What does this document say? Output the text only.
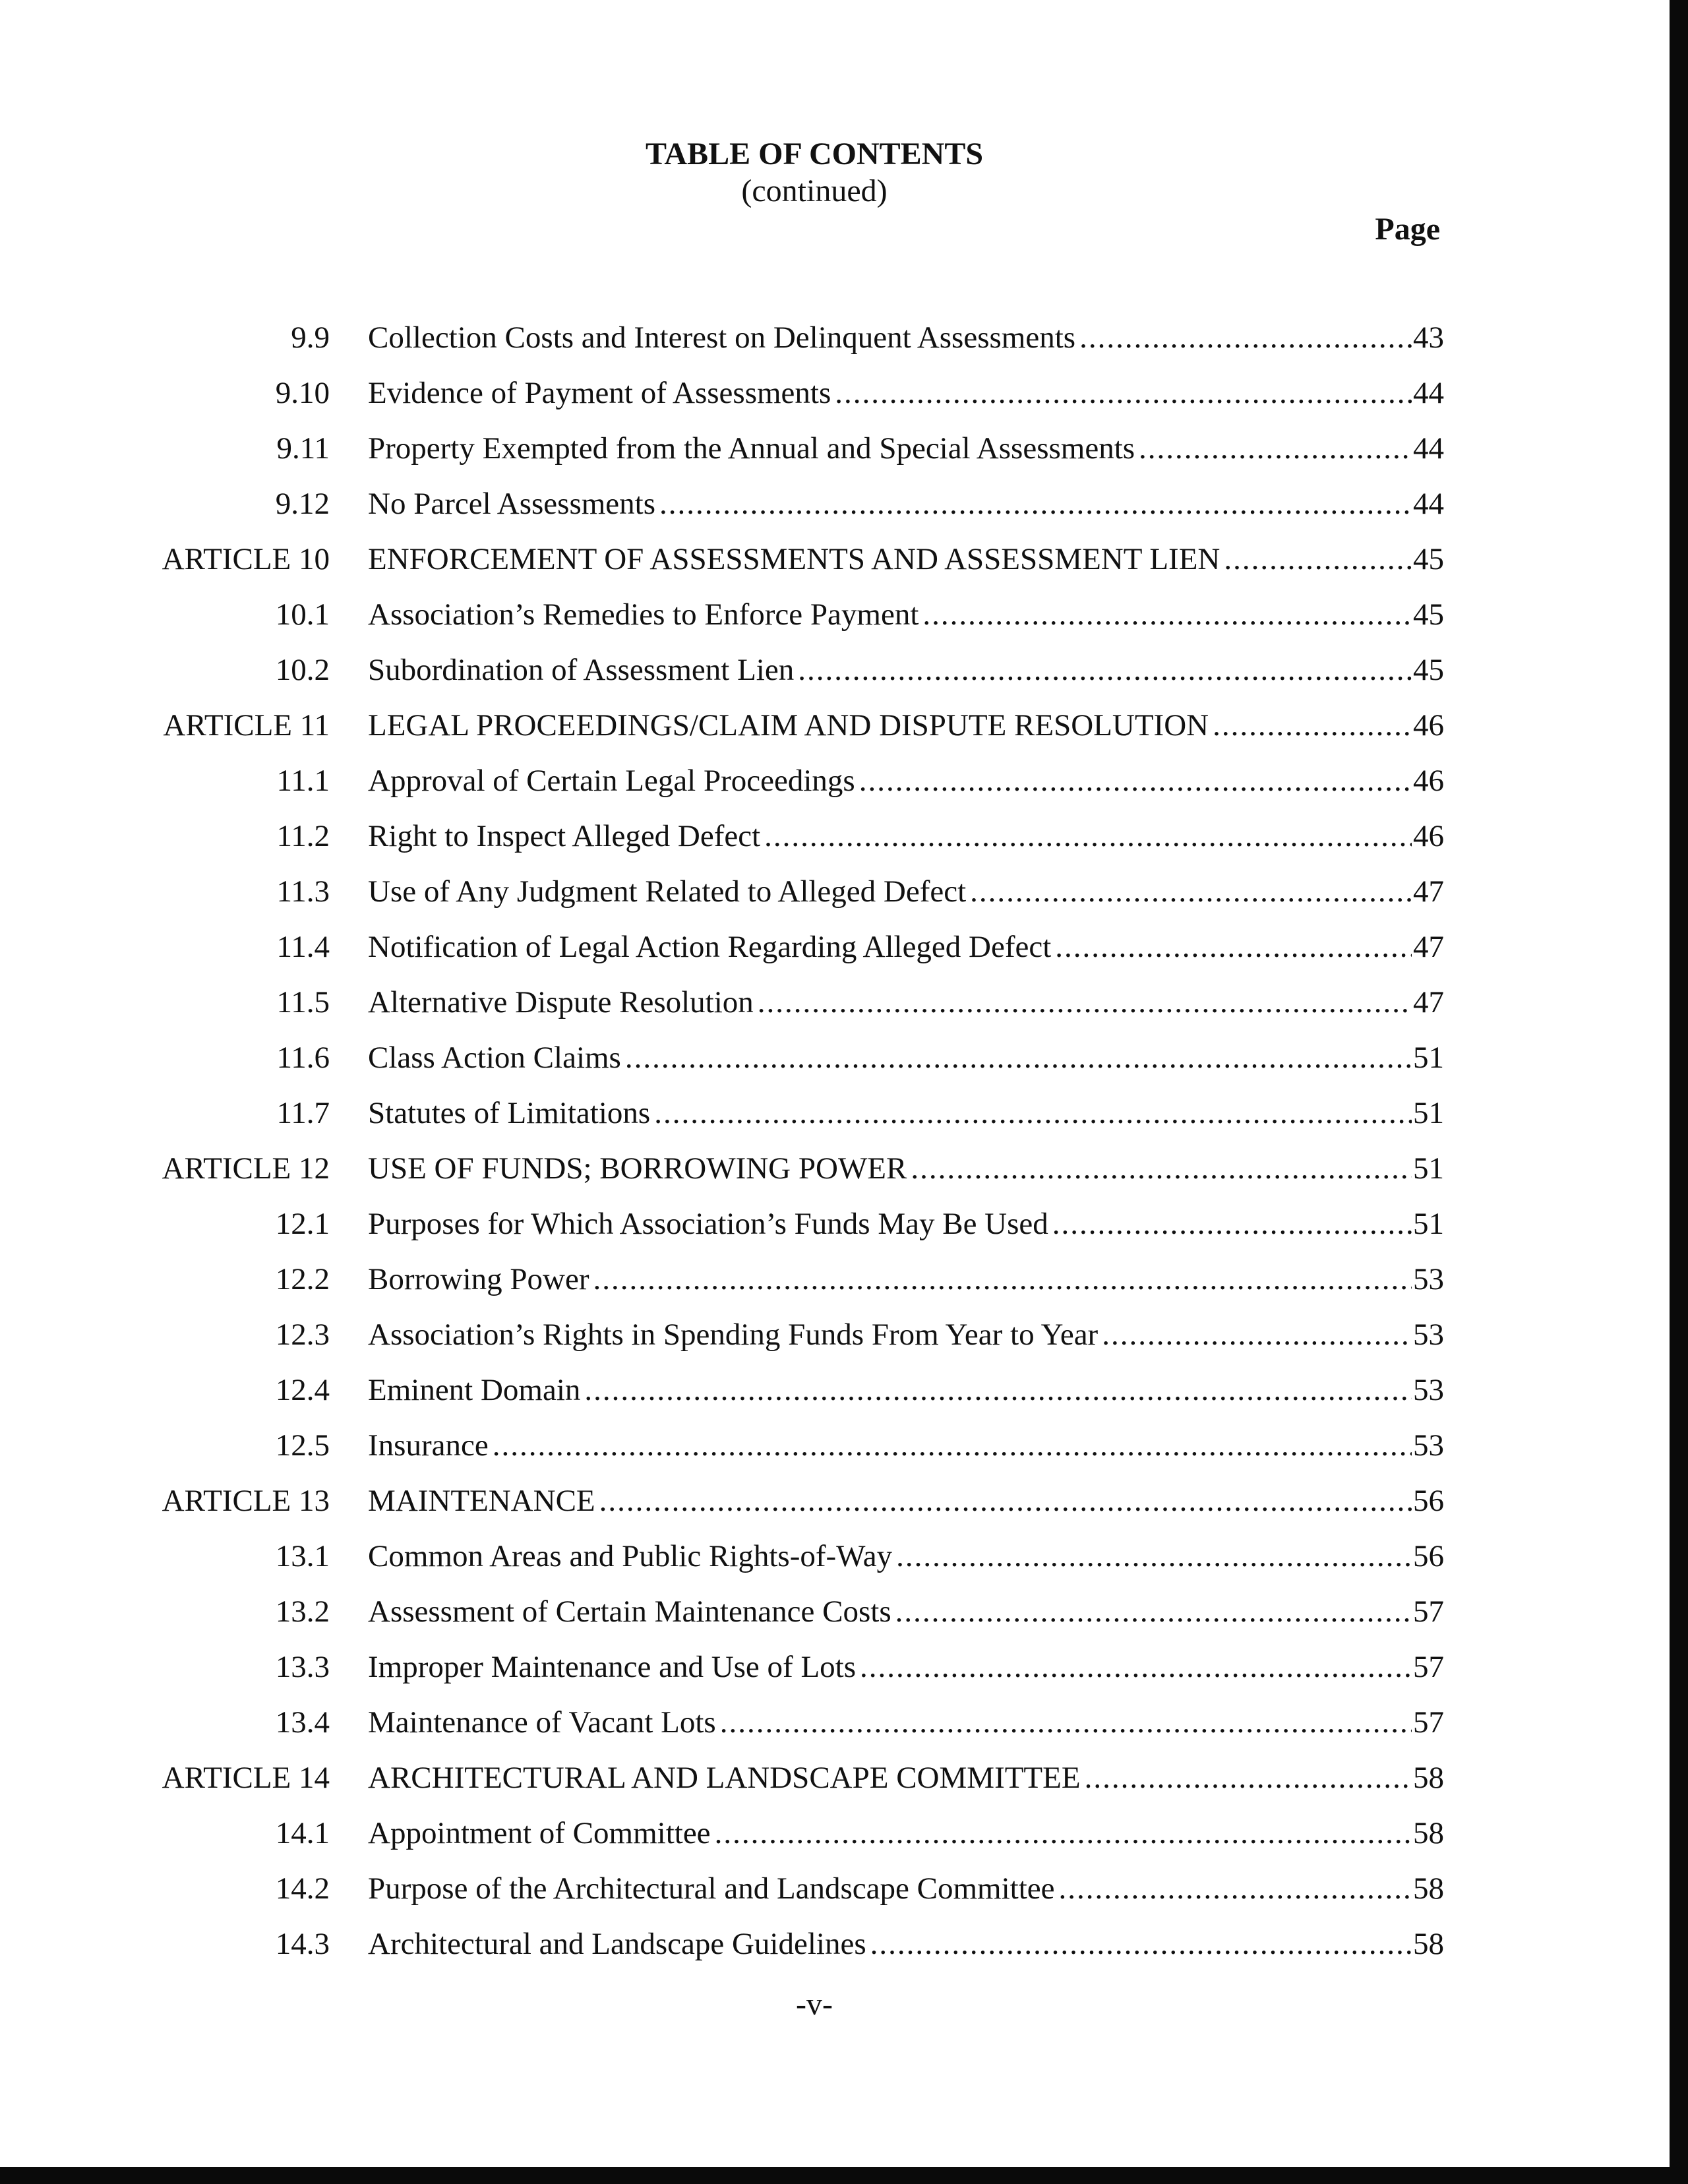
TABLE OF CONTENTS
(continued)
Page
9.9 Collection Costs and Interest on Delinquent Assessments .....	43
9.10 Evidence of Payment of Assessments .....	44
9.11 Property Exempted from the Annual and Special Assessments .....	44
9.12 No Parcel Assessments .....	44
ARTICLE 10 ENFORCEMENT OF ASSESSMENTS AND ASSESSMENT LIEN .....	45
10.1 Association’s Remedies to Enforce Payment .....	45
10.2 Subordination of Assessment Lien .....	45
ARTICLE 11 LEGAL PROCEEDINGS/CLAIM AND DISPUTE RESOLUTION .....	46
11.1 Approval of Certain Legal Proceedings .....	46
11.2 Right to Inspect Alleged Defect .....	46
11.3 Use of Any Judgment Related to Alleged Defect .....	47
11.4 Notification of Legal Action Regarding Alleged Defect .....	47
11.5 Alternative Dispute Resolution .....	47
11.6 Class Action Claims .....	51
11.7 Statutes of Limitations .....	51
ARTICLE 12 USE OF FUNDS; BORROWING POWER .....	51
12.1 Purposes for Which Association’s Funds May Be Used .....	51
12.2 Borrowing Power .....	53
12.3 Association’s Rights in Spending Funds From Year to Year .....	53
12.4 Eminent Domain .....	53
12.5 Insurance .....	53
ARTICLE 13 MAINTENANCE .....	56
13.1 Common Areas and Public Rights-of-Way .....	56
13.2 Assessment of Certain Maintenance Costs .....	57
13.3 Improper Maintenance and Use of Lots .....	57
13.4 Maintenance of Vacant Lots .....	57
ARTICLE 14 ARCHITECTURAL AND LANDSCAPE COMMITTEE .....	58
14.1 Appointment of Committee .....	58
14.2 Purpose of the Architectural and Landscape Committee .....	58
14.3 Architectural and Landscape Guidelines .....	58
-v-
